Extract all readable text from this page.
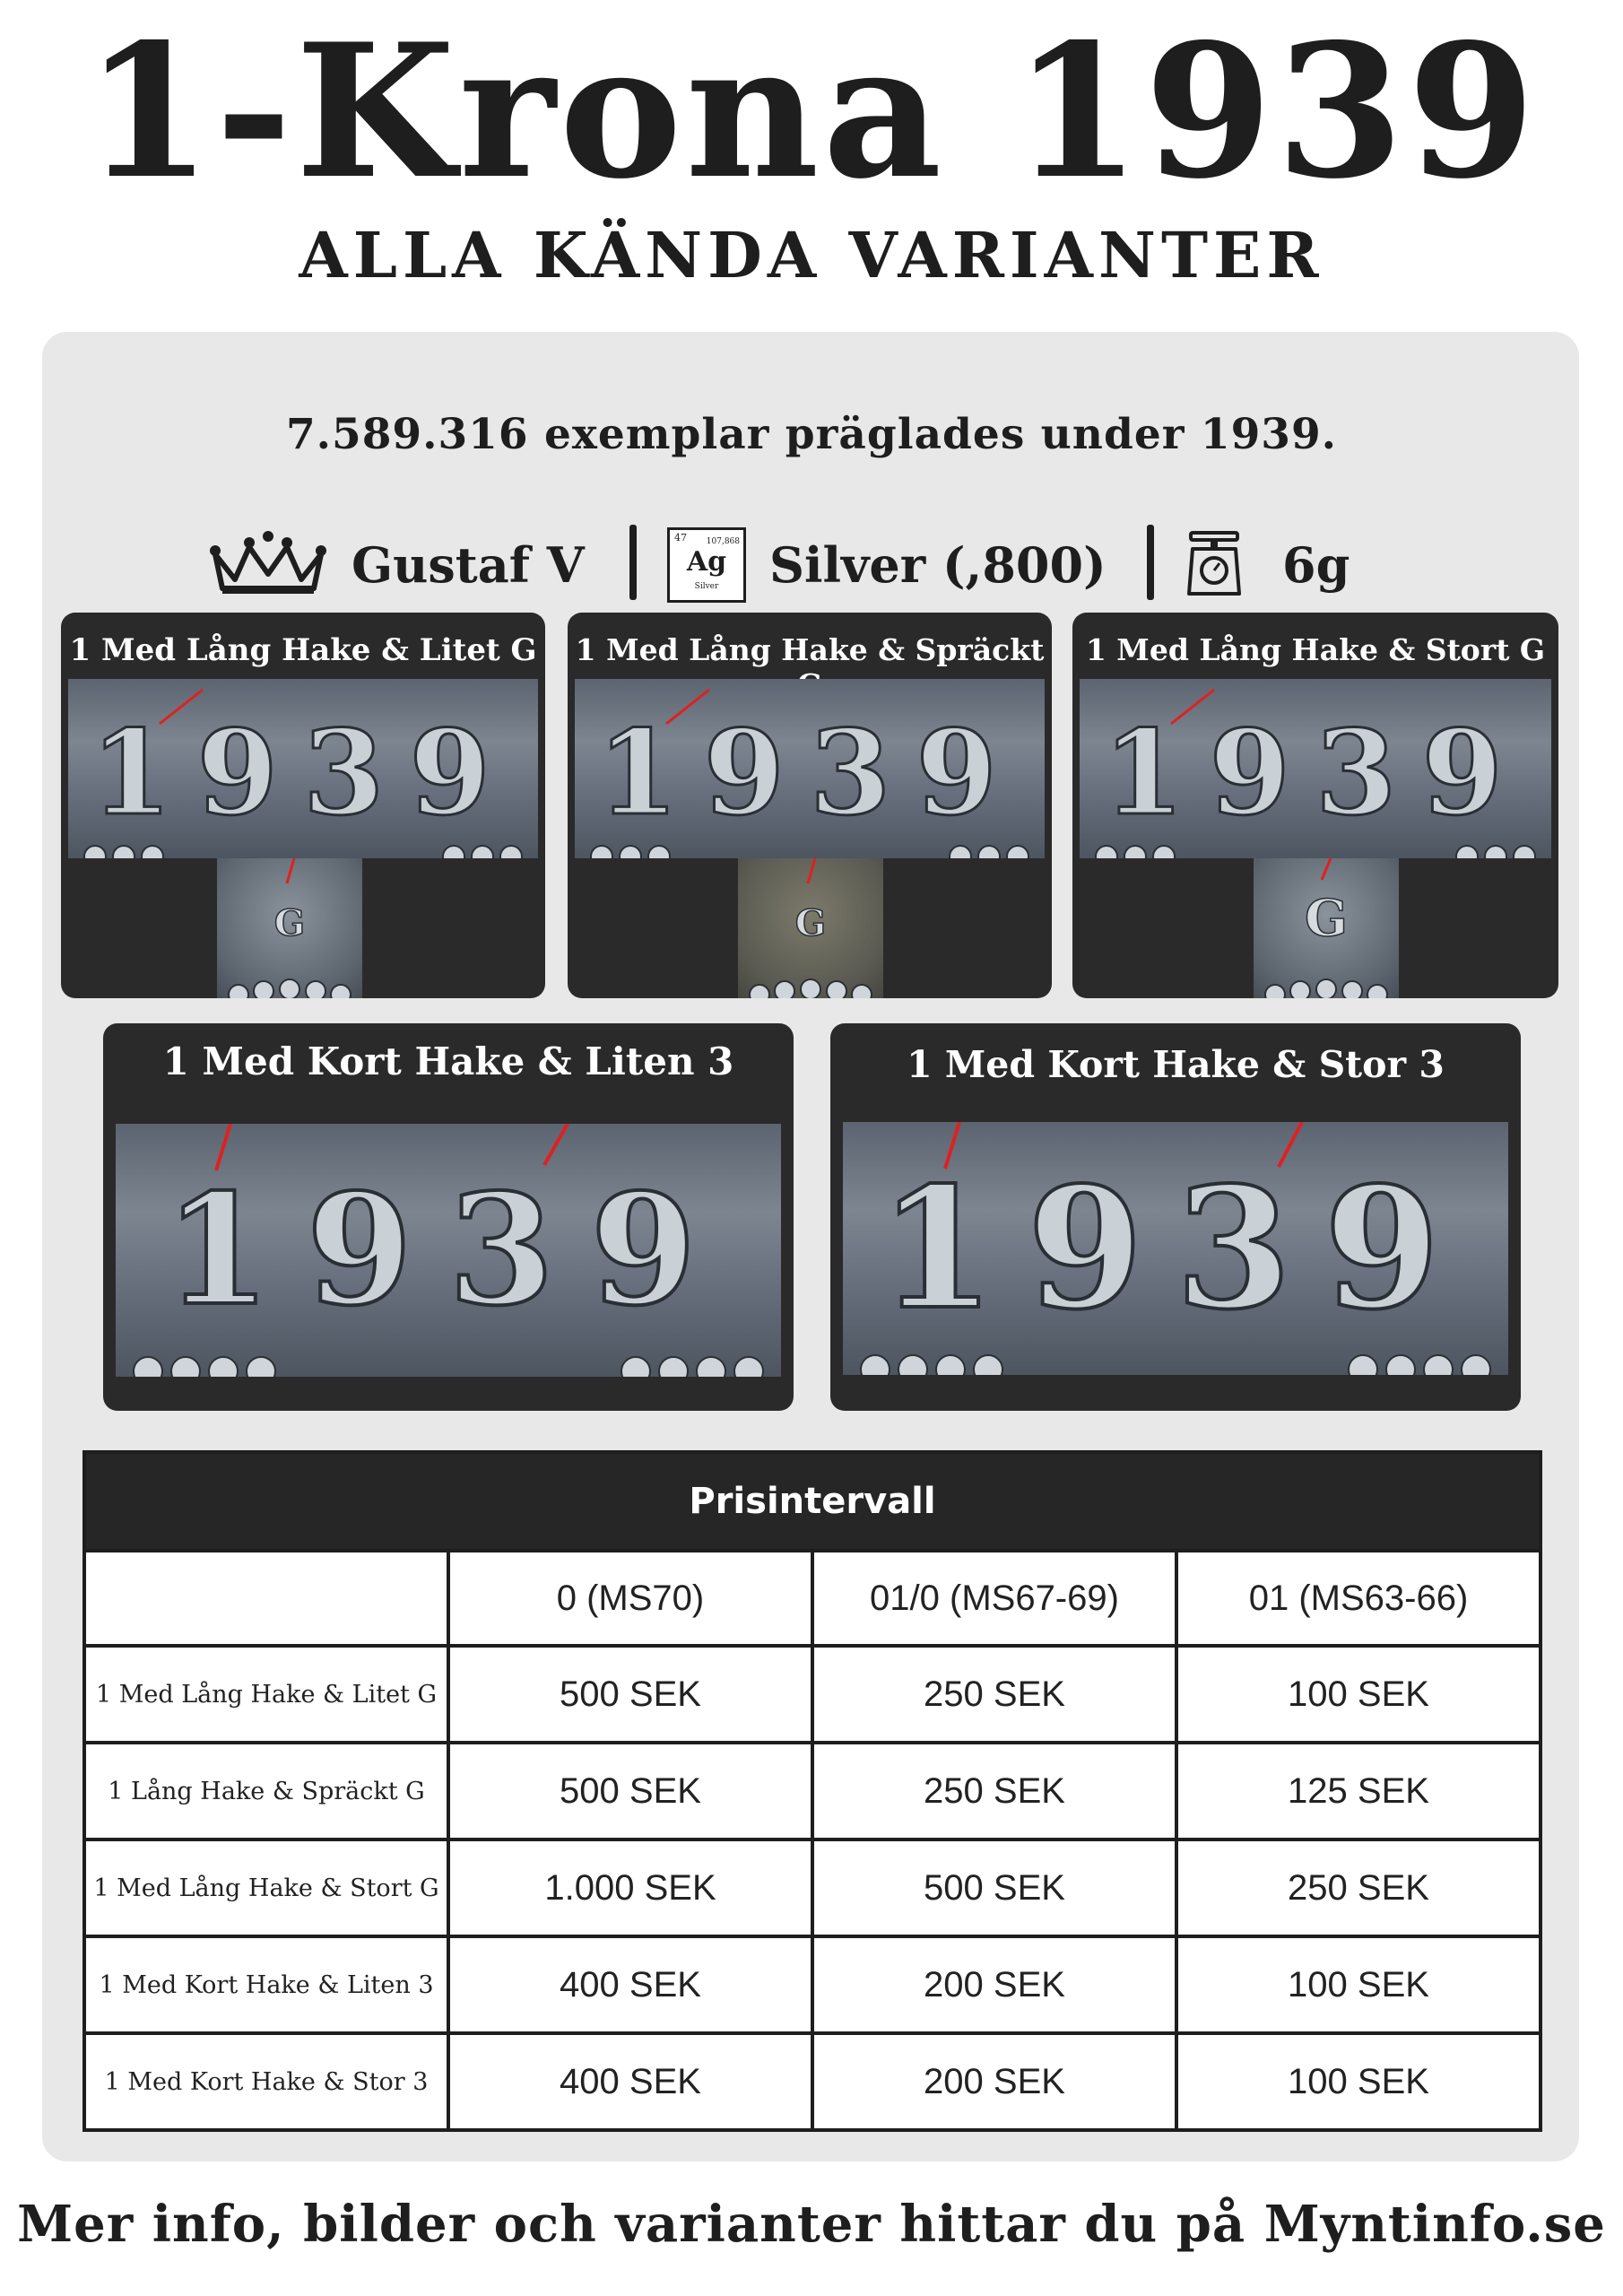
1-Krona 1939
ALLA KÄNDA VARIANTER
7.589.316 exemplar präglades under 1939.
Gustaf V	47 107,868
Ag
Silver	Silver (,800)	6g
1 Med Lång Hake & Litet G
1939
G
1 Med Lång Hake & Spräckt
1939
G
1 Med Lång Hake & Stort G
1939
G
1 Med Kort Hake & Liten 3
1939
1 Med Kort Hake & Stor 3
1939
Prisintervall			
	0 (MS70)	01/0 (MS67-69)	01 (MS63-66)
1 Med Lång Hake & Litet G	500 SEK	250 SEK	100 SEK
1 Lång Hake & Spräckt G	500 SEK	250 SEK	125 SEK
1 Med Lång Hake & Stort G	1.000 SEK	500 SEK	250 SEK
1 Med Kort Hake & Liten 3	400 SEK	200 SEK	100 SEK
1 Med Kort Hake & Stor 3	400 SEK	200 SEK	100 SEK
Mer info, bilder och varianter hittar du på Myntinfo.se
